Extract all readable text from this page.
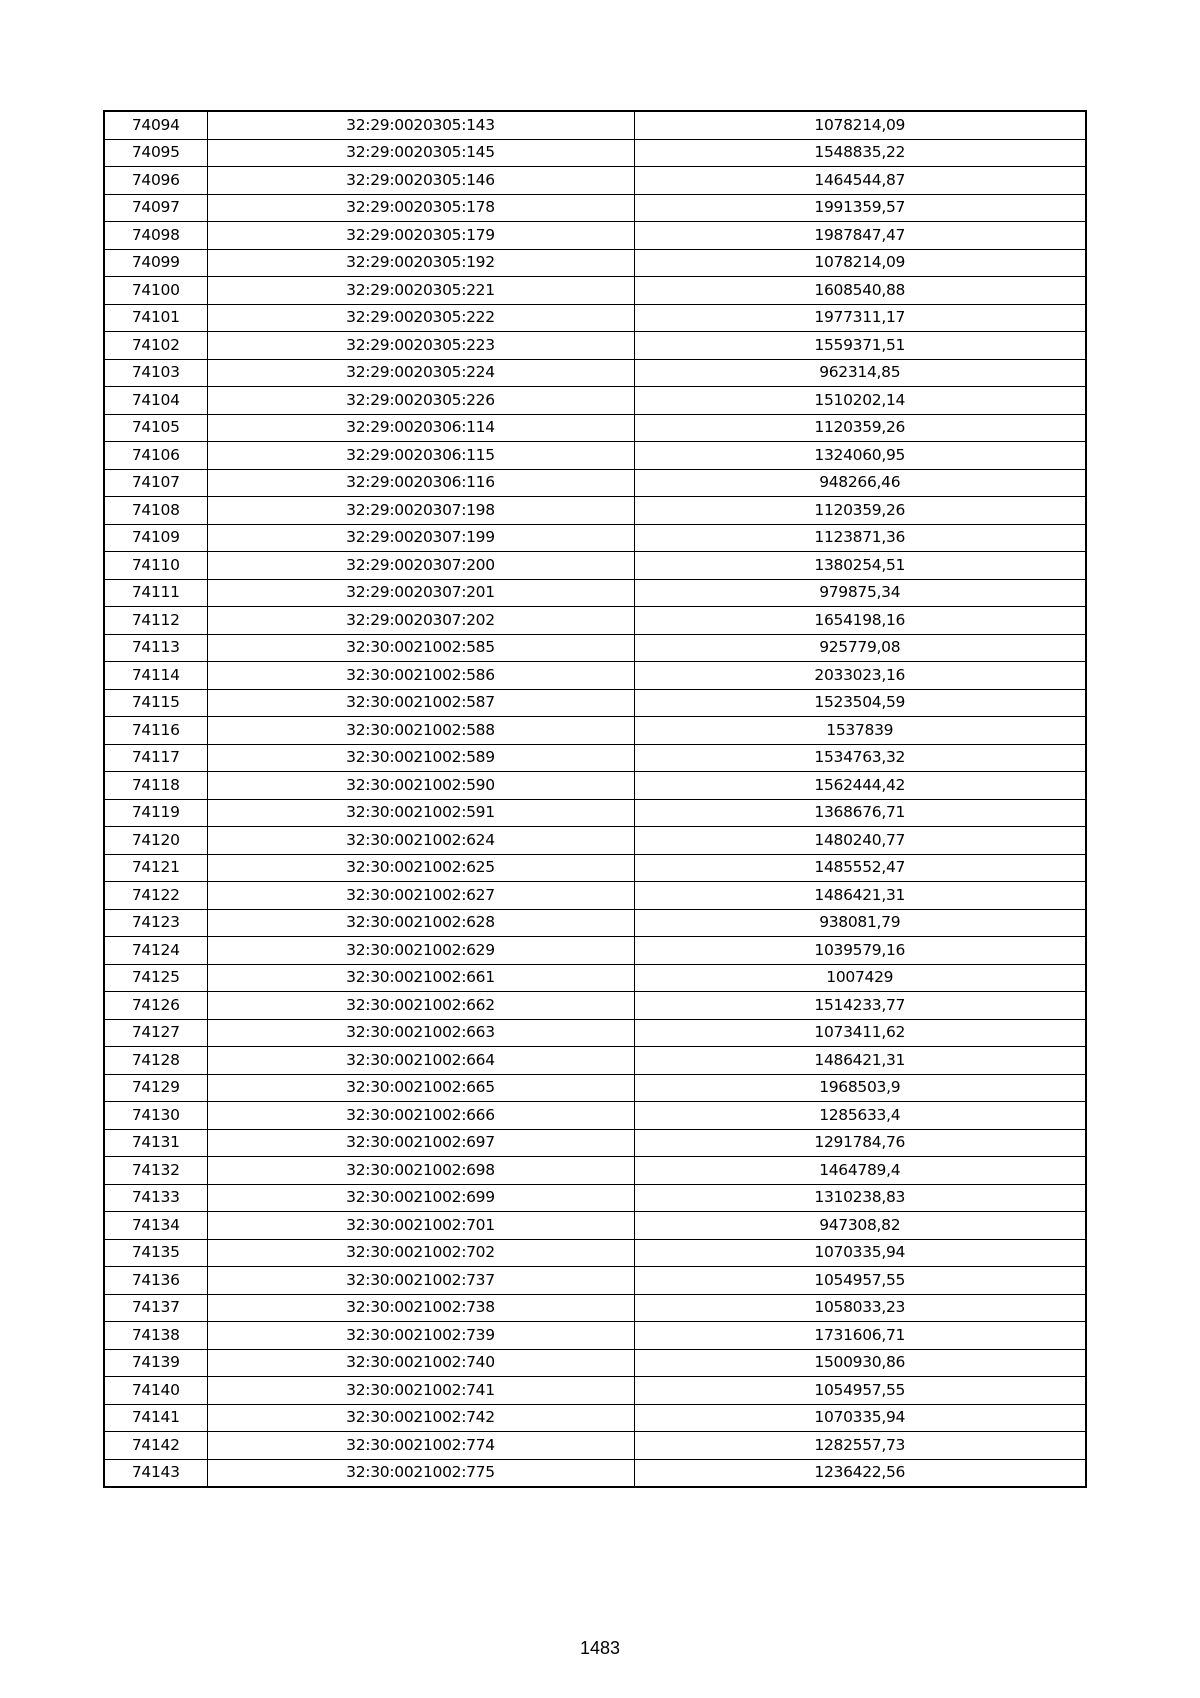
74094	32:29:0020305:143	1078214,09
74095	32:29:0020305:145	1548835,22
74096	32:29:0020305:146	1464544,87
74097	32:29:0020305:178	1991359,57
74098	32:29:0020305:179	1987847,47
74099	32:29:0020305:192	1078214,09
74100	32:29:0020305:221	1608540,88
74101	32:29:0020305:222	1977311,17
74102	32:29:0020305:223	1559371,51
74103	32:29:0020305:224	962314,85
74104	32:29:0020305:226	1510202,14
74105	32:29:0020306:114	1120359,26
74106	32:29:0020306:115	1324060,95
74107	32:29:0020306:116	948266,46
74108	32:29:0020307:198	1120359,26
74109	32:29:0020307:199	1123871,36
74110	32:29:0020307:200	1380254,51
74111	32:29:0020307:201	979875,34
74112	32:29:0020307:202	1654198,16
74113	32:30:0021002:585	925779,08
74114	32:30:0021002:586	2033023,16
74115	32:30:0021002:587	1523504,59
74116	32:30:0021002:588	1537839
74117	32:30:0021002:589	1534763,32
74118	32:30:0021002:590	1562444,42
74119	32:30:0021002:591	1368676,71
74120	32:30:0021002:624	1480240,77
74121	32:30:0021002:625	1485552,47
74122	32:30:0021002:627	1486421,31
74123	32:30:0021002:628	938081,79
74124	32:30:0021002:629	1039579,16
74125	32:30:0021002:661	1007429
74126	32:30:0021002:662	1514233,77
74127	32:30:0021002:663	1073411,62
74128	32:30:0021002:664	1486421,31
74129	32:30:0021002:665	1968503,9
74130	32:30:0021002:666	1285633,4
74131	32:30:0021002:697	1291784,76
74132	32:30:0021002:698	1464789,4
74133	32:30:0021002:699	1310238,83
74134	32:30:0021002:701	947308,82
74135	32:30:0021002:702	1070335,94
74136	32:30:0021002:737	1054957,55
74137	32:30:0021002:738	1058033,23
74138	32:30:0021002:739	1731606,71
74139	32:30:0021002:740	1500930,86
74140	32:30:0021002:741	1054957,55
74141	32:30:0021002:742	1070335,94
74142	32:30:0021002:774	1282557,73
74143	32:30:0021002:775	1236422,56
1483
